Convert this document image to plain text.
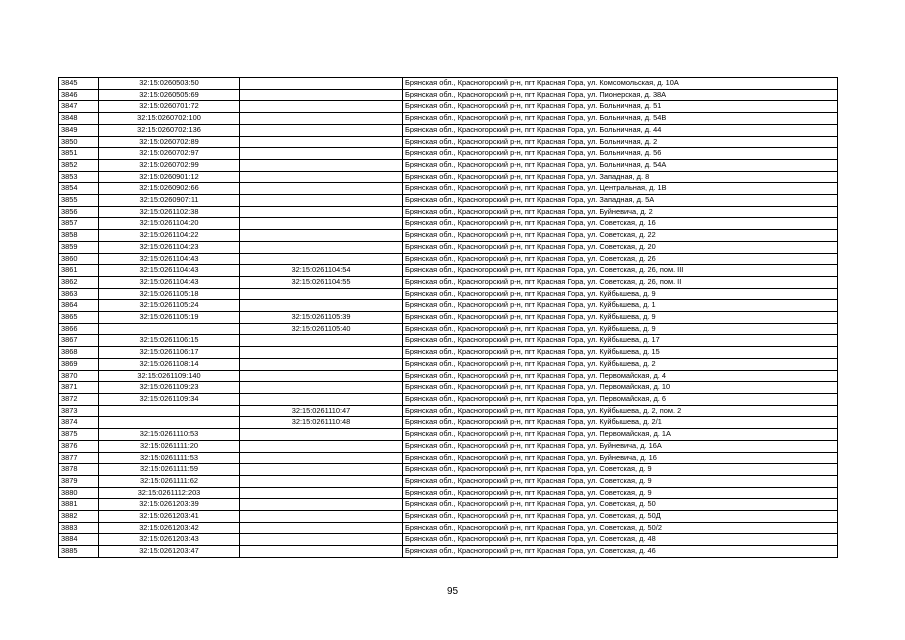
3845	32:15:0260503:50		Брянская обл., Красногорский р-н, пгт Красная Гора, ул. Комсомольская, д. 10А
3846	32:15:0260505:69		Брянская обл., Красногорский р-н, пгт Красная Гора, ул. Пионерская, д. 38А
3847	32:15:0260701:72		Брянская обл., Красногорский р-н, пгт Красная Гора, ул. Больничная, д. 51
3848	32:15:0260702:100		Брянская обл., Красногорский р-н, пгт Красная Гора, ул. Больничная, д. 54В
3849	32:15:0260702:136		Брянская обл., Красногорский р-н, пгт Красная Гора, ул. Больничная, д. 44
3850	32:15:0260702:89		Брянская обл., Красногорский р-н, пгт Красная Гора, ул. Больничная, д. 2
3851	32:15:0260702:97		Брянская обл., Красногорский р-н, пгт Красная Гора, ул. Больничная, д. 56
3852	32:15:0260702:99		Брянская обл., Красногорский р-н, пгт Красная Гора, ул. Больничная, д. 54А
3853	32:15:0260901:12		Брянская обл., Красногорский р-н, пгт Красная Гора, ул. Западная, д. 8
3854	32:15:0260902:66		Брянская обл., Красногорский р-н, пгт Красная Гора, ул. Центральная, д. 1В
3855	32:15:0260907:11		Брянская обл., Красногорский р-н, пгт Красная Гора, ул. Западная, д. 5А
3856	32:15:0261102:38		Брянская обл., Красногорский р-н, пгт Красная Гора, ул. Буйневича, д. 2
3857	32:15:0261104:20		Брянская обл., Красногорский р-н, пгт Красная Гора, ул. Советская, д. 16
3858	32:15:0261104:22		Брянская обл., Красногорский р-н, пгт Красная Гора, ул. Советская, д. 22
3859	32:15:0261104:23		Брянская обл., Красногорский р-н, пгт Красная Гора, ул. Советская, д. 20
3860	32:15:0261104:43		Брянская обл., Красногорский р-н, пгт Красная Гора, ул. Советская, д. 26
3861	32:15:0261104:43	32:15:0261104:54	Брянская обл., Красногорский р-н, пгт Красная Гора, ул. Советская, д. 26, пом. III
3862	32:15:0261104:43	32:15:0261104:55	Брянская обл., Красногорский р-н, пгт Красная Гора, ул. Советская, д. 26, пом. II
3863	32:15:0261105:18		Брянская обл., Красногорский р-н, пгт Красная Гора, ул. Куйбышева, д. 9
3864	32:15:0261105:24		Брянская обл., Красногорский р-н, пгт Красная Гора, ул. Куйбышева, д. 1
3865	32:15:0261105:19	32:15:0261105:39	Брянская обл., Красногорский р-н, пгт Красная Гора, ул. Куйбышева, д. 9
3866		32:15:0261105:40	Брянская обл., Красногорский р-н, пгт Красная Гора, ул. Куйбышева, д. 9
3867	32:15:0261106:15		Брянская обл., Красногорский р-н, пгт Красная Гора, ул. Куйбышева, д. 17
3868	32:15:0261106:17		Брянская обл., Красногорский р-н, пгт Красная Гора, ул. Куйбышева, д. 15
3869	32:15:0261108:14		Брянская обл., Красногорский р-н, пгт Красная Гора, ул. Куйбышева, д. 2
3870	32:15:0261109:140		Брянская обл., Красногорский р-н, пгт Красная Гора, ул. Первомайская, д. 4
3871	32:15:0261109:23		Брянская обл., Красногорский р-н, пгт Красная Гора, ул. Первомайская, д. 10
3872	32:15:0261109:34		Брянская обл., Красногорский р-н, пгт Красная Гора, ул. Первомайская, д. 6
3873		32:15:0261110:47	Брянская обл., Красногорский р-н, пгт Красная Гора, ул. Куйбышева, д. 2, пом. 2
3874		32:15:0261110:48	Брянская обл., Красногорский р-н, пгт Красная Гора, ул. Куйбышева, д. 2/1
3875	32:15:0261110:53		Брянская обл., Красногорский р-н, пгт Красная Гора, ул. Первомайская, д. 1А
3876	32:15:0261111:20		Брянская обл., Красногорский р-н, пгт Красная Гора, ул. Буйневича, д. 16А
3877	32:15:0261111:53		Брянская обл., Красногорский р-н, пгт Красная Гора, ул. Буйневича, д. 16
3878	32:15:0261111:59		Брянская обл., Красногорский р-н, пгт Красная Гора, ул. Советская, д. 9
3879	32:15:0261111:62		Брянская обл., Красногорский р-н, пгт Красная Гора, ул. Советская, д. 9
3880	32:15:0261112:203		Брянская обл., Красногорский р-н, пгт Красная Гора, ул. Советская, д. 9
3881	32:15:0261203:39		Брянская обл., Красногорский р-н, пгт Красная Гора, ул. Советская, д. 50
3882	32:15:0261203:41		Брянская обл., Красногорский р-н, пгт Красная Гора, ул. Советская, д. 50Д
3883	32:15:0261203:42		Брянская обл., Красногорский р-н, пгт Красная Гора, ул. Советская, д. 50/2
3884	32:15:0261203:43		Брянская обл., Красногорский р-н, пгт Красная Гора, ул. Советская, д. 48
3885	32:15:0261203:47		Брянская обл., Красногорский р-н, пгт Красная Гора, ул. Советская, д. 46
95
